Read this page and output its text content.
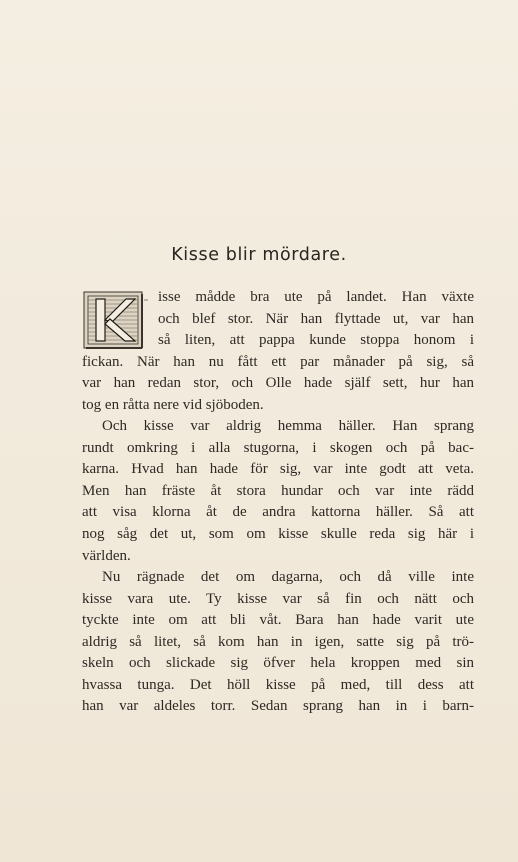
Kisse blir mördare.
isse mådde bra ute på landet. Han växte
och blef stor. När han flyttade ut, var han
så liten, att pappa kunde stoppa honom i
fickan. När han nu fått ett par månader på sig, så
var han redan stor, och Olle hade själf sett, hur han
tog en råtta nere vid sjöboden.
Och kisse var aldrig hemma häller. Han sprang
rundt omkring i alla stugorna, i skogen och på bac-
karna. Hvad han hade för sig, var inte godt att veta.
Men han fräste åt stora hundar och var inte rädd
att visa klorna åt de andra kattorna häller. Så att
nog såg det ut, som om kisse skulle reda sig här i
världen.
Nu rägnade det om dagarna, och då ville inte
kisse vara ute. Ty kisse var så fin och nätt och
tyckte inte om att bli våt. Bara han hade varit ute
aldrig så litet, så kom han in igen, satte sig på trö-
skeln och slickade sig öfver hela kroppen med sin
hvassa tunga. Det höll kisse på med, till dess att
han var aldeles torr. Sedan sprang han in i barn-
